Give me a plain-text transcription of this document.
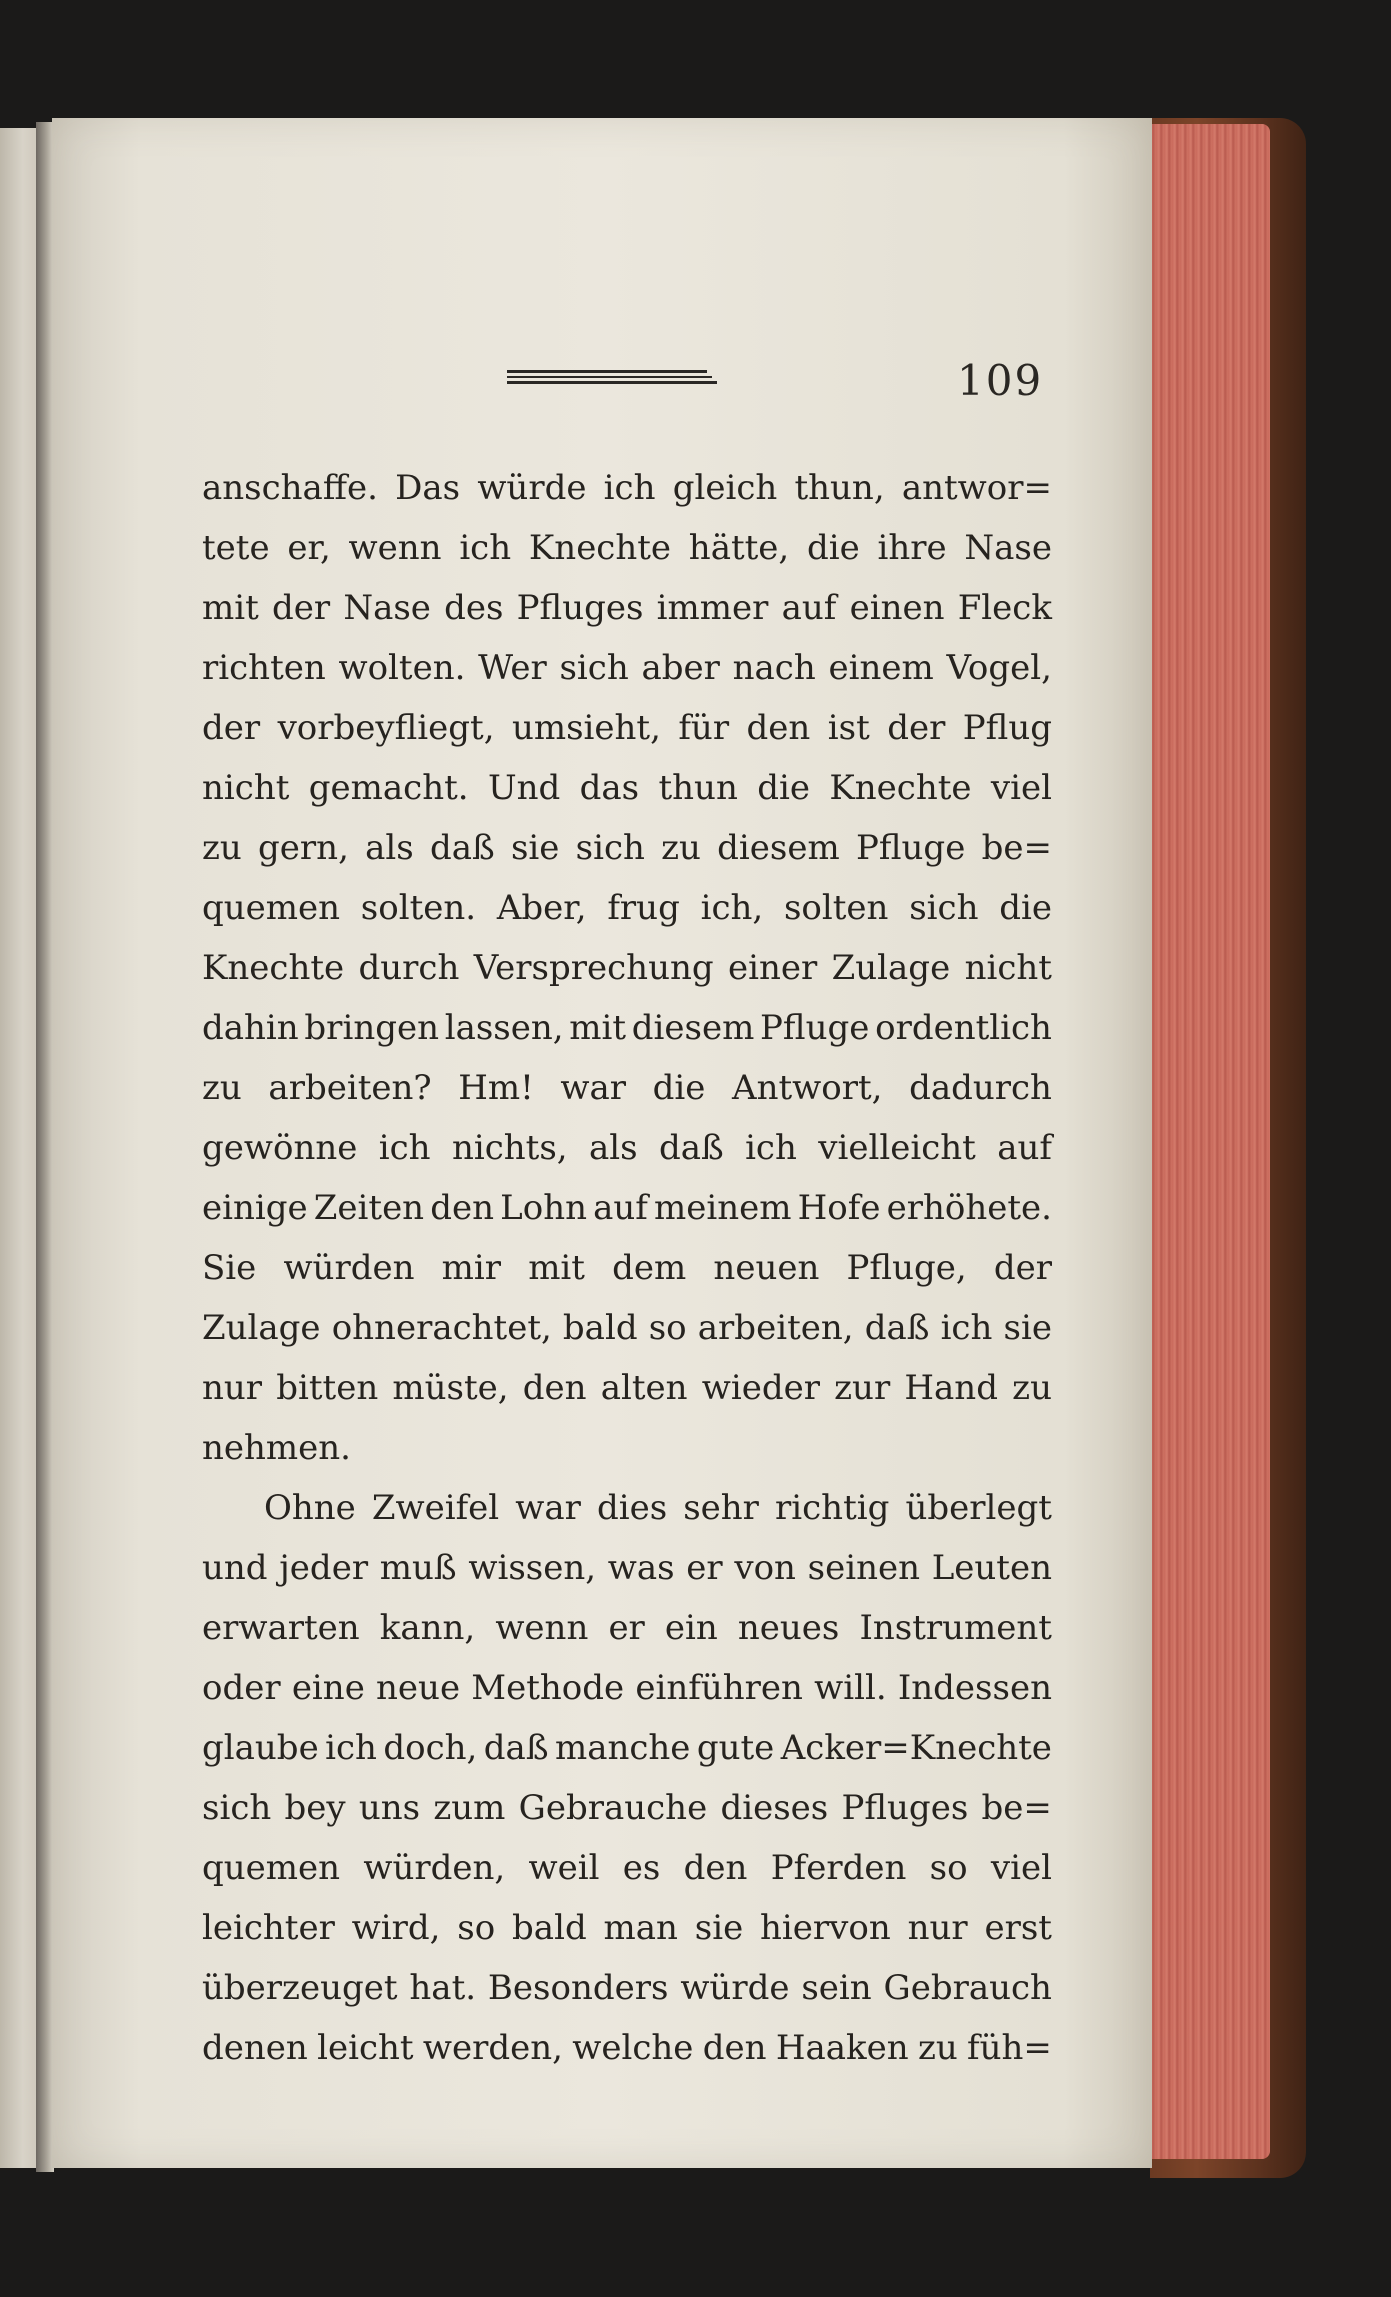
109
anschaffe. Das würde ich gleich thun, antwor=
tete er, wenn ich Knechte hätte, die ihre Nase
mit der Nase des Pfluges immer auf einen Fleck
richten wolten. Wer sich aber nach einem Vogel,
der vorbeyfliegt, umsieht, für den ist der Pflug
nicht gemacht. Und das thun die Knechte viel
zu gern, als daß sie sich zu diesem Pfluge be=
quemen solten. Aber, frug ich, solten sich die
Knechte durch Versprechung einer Zulage nicht
dahin bringen lassen, mit diesem Pfluge ordentlich
zu arbeiten? Hm! war die Antwort, dadurch
gewönne ich nichts, als daß ich vielleicht auf
einige Zeiten den Lohn auf meinem Hofe erhöhete.
Sie würden mir mit dem neuen Pfluge, der
Zulage ohnerachtet, bald so arbeiten, daß ich sie
nur bitten müste, den alten wieder zur Hand zu
nehmen.
Ohne Zweifel war dies sehr richtig überlegt
und jeder muß wissen, was er von seinen Leuten
erwarten kann, wenn er ein neues Instrument
oder eine neue Methode einführen will. Indessen
glaube ich doch, daß manche gute Acker=Knechte
sich bey uns zum Gebrauche dieses Pfluges be=
quemen würden, weil es den Pferden so viel
leichter wird, so bald man sie hiervon nur erst
überzeuget hat. Besonders würde sein Gebrauch
denen leicht werden, welche den Haaken zu füh=
